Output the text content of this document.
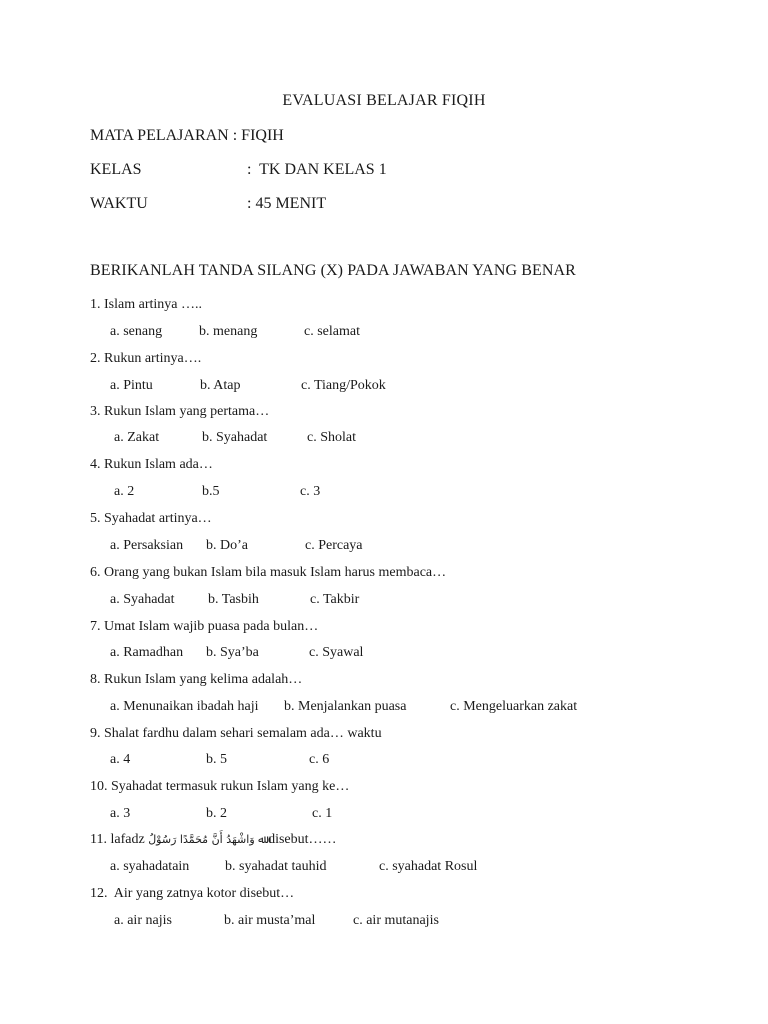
EVALUASI BELAJAR FIQIH
MATA PELAJARAN : FIQIH
KELAS	:  TK DAN KELAS 1
WAKTU	: 45 MENIT
BERIKANLAH TANDA SILANG (X) PADA JAWABAN YANG BENAR
1. Islam artinya …..
a. senang	b. menang	c. selamat
2. Rukun artinya….
a. Pintu	b. Atap	c. Tiang/Pokok
3. Rukun Islam yang pertama…
a. Zakat	b. Syahadat	c. Sholat
4. Rukun Islam ada…
a. 2	b.5	c. 3
5. Syahadat artinya…
a. Persaksian b. Do’a	c. Percaya
6. Orang yang bukan Islam bila masuk Islam harus membaca…
a. Syahadat b. Tasbih	c. Takbir
7. Umat Islam wajib puasa pada bulan…
a. Ramadhan b. Sya’ba	c. Syawal
8. Rukun Islam yang kelima adalah…
a. Menunaikan ibadah haji b. Menjalankan puasa	c. Mengeluarkan zakat
9. Shalat fardhu dalam sehari semalam ada… waktu
a. 4	b. 5	c. 6
10. Syahadat termasuk rukun Islam yang ke…
a. 3	b. 2	c. 1
11. lafadz ﷲ وَاشْهَدُ أَنَّ مُحَمَّدًا رَسُوْلُ disebut……
a. syahadatain	b. syahadat tauhid	c. syahadat Rosul
12.  Air yang zatnya kotor disebut…
a. air najis	b. air musta’mal	c. air mutanajis
